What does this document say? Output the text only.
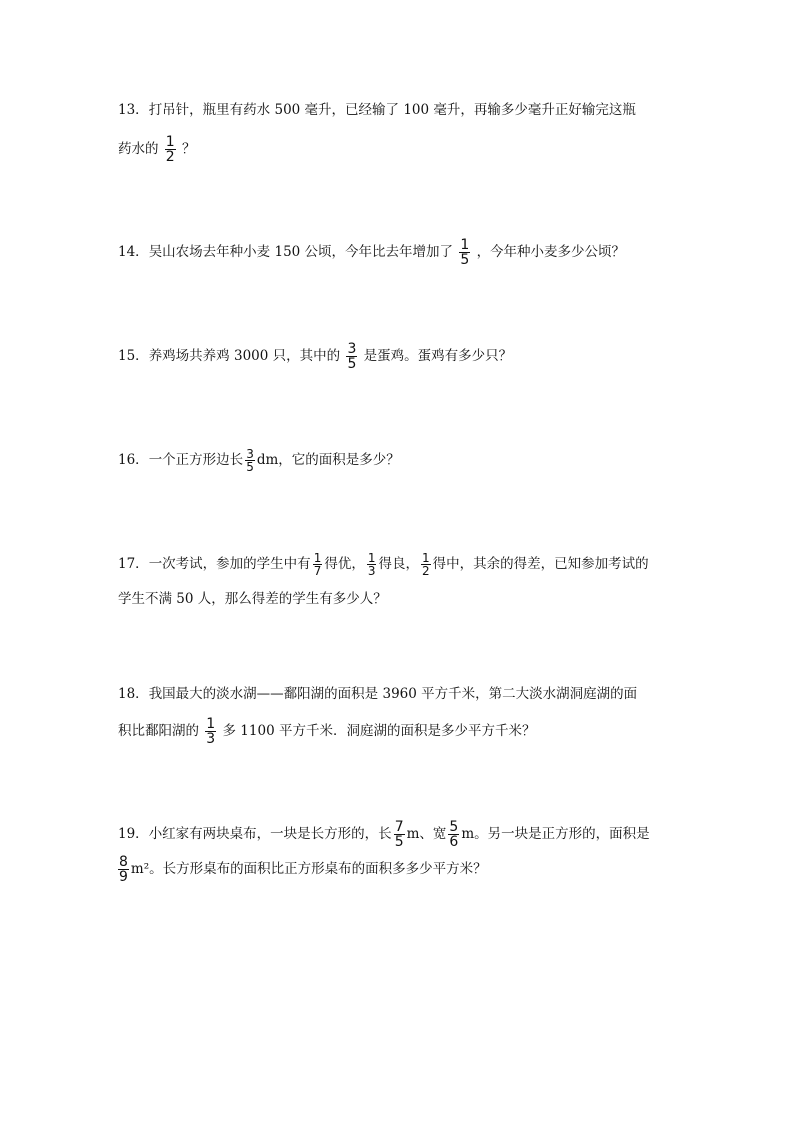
13．打吊针，瓶里有药水 500 毫升，已经输了 100 毫升，再输多少毫升正好输完这瓶
药水的 $\frac{1}{2}$ ？
14．吴山农场去年种小麦 150 公顷，今年比去年增加了 $\frac{1}{5}$ ，今年种小麦多少公顷？
15．养鸡场共养鸡 3000 只，其中的 $\frac{3}{5}$ 是蛋鸡。蛋鸡有多少只？
16．一个正方形边长 $\frac{3}{5}$ dm，它的面积是多少？
17．一次考试，参加的学生中有 $\frac{1}{7}$ 得优， $\frac{1}{3}$ 得良， $\frac{1}{2}$ 得中，其余的得差，已知参加考试的
学生不满 50 人，那么得差的学生有多少人？
18．我国最大的淡水湖——鄱阳湖的面积是 3960 平方千米，第二大淡水湖洞庭湖的面
积比鄱阳湖的 $\frac{1}{3}$ 多 1100 平方千米．洞庭湖的面积是多少平方千米？
19．小红家有两块桌布，一块是长方形的，长 $\frac{7}{5}$ m、宽 $\frac{5}{6}$ m。另一块是正方形的，面积是
$\frac{8}{9} m^2$。长方形桌布的面积比正方形桌布的面积多多少平方米？
